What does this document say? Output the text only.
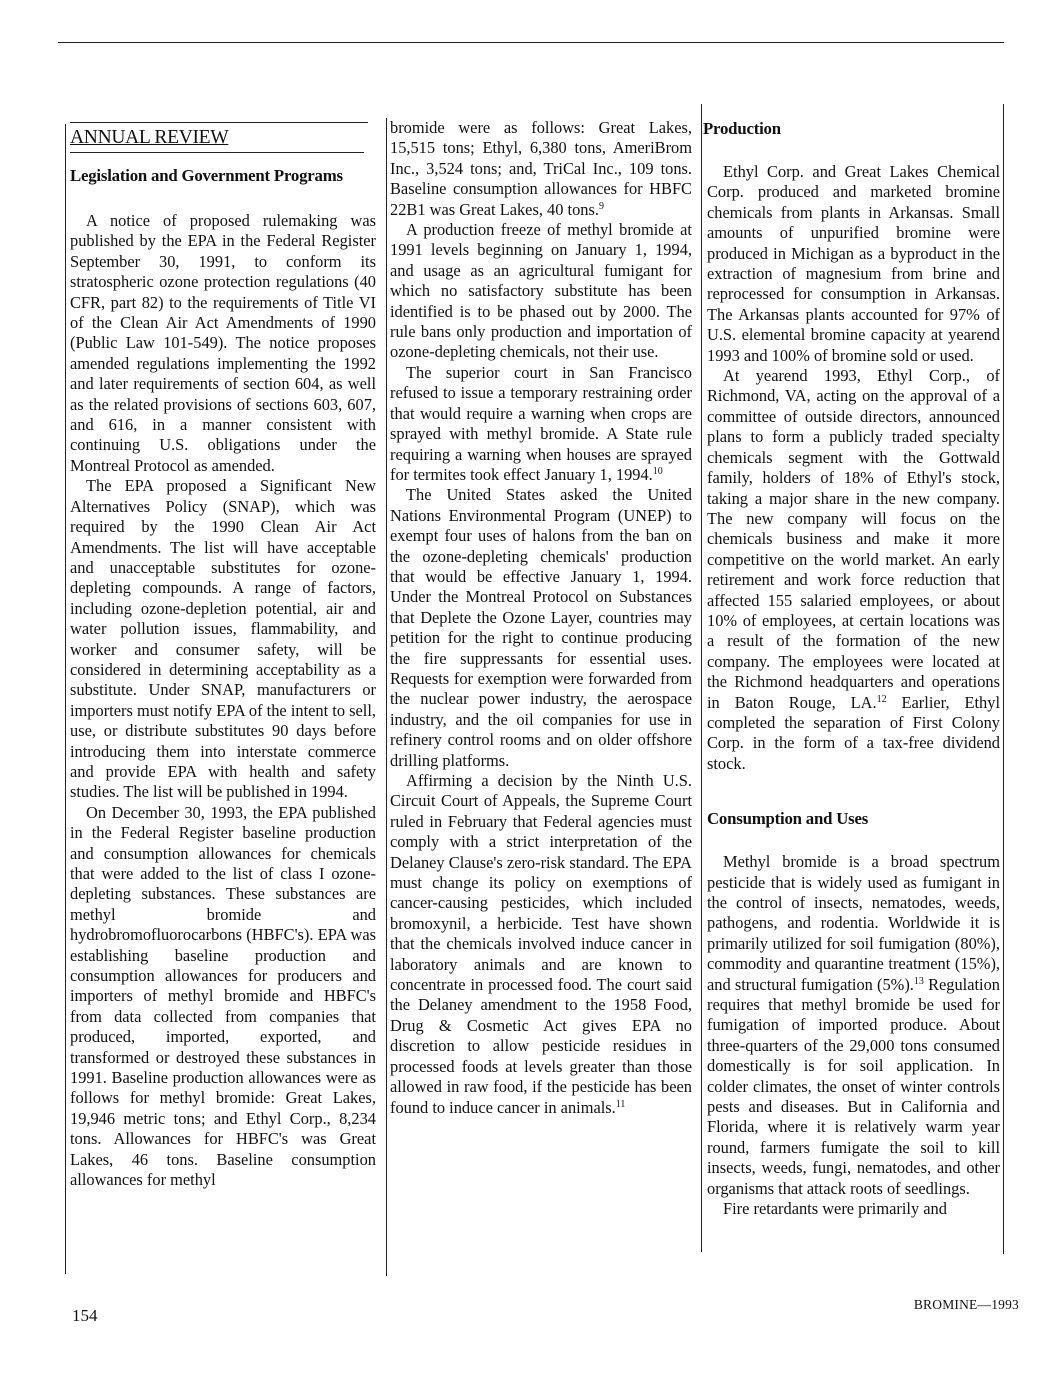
ANNUAL REVIEW
Legislation and Government Programs

A notice of proposed rulemaking was published by the EPA in the Federal Register September 30, 1991, to conform its stratospheric ozone protection regulations (40 CFR, part 82) to the requirements of Title VI of the Clean Air Act Amendments of 1990 (Public Law 101-549). The notice proposes amended regulations implementing the 1992 and later requirements of section 604, as well as the related provisions of sections 603, 607, and 616, in a manner consistent with continuing U.S. obligations under the Montreal Protocol as amended.

The EPA proposed a Significant New Alternatives Policy (SNAP), which was required by the 1990 Clean Air Act Amendments. The list will have acceptable and unacceptable substitutes for ozone-depleting compounds. A range of factors, including ozone-depletion potential, air and water pollution issues, flammability, and worker and consumer safety, will be considered in determining acceptability as a substitute. Under SNAP, manufacturers or importers must notify EPA of the intent to sell, use, or distribute substitutes 90 days before introducing them into interstate commerce and provide EPA with health and safety studies. The list will be published in 1994.

On December 30, 1993, the EPA published in the Federal Register baseline production and consumption allowances for chemicals that were added to the list of class I ozone-depleting substances. These substances are methyl bromide and hydrobromofluorocarbons (HBFC's). EPA was establishing baseline production and consumption allowances for producers and importers of methyl bromide and HBFC's from data collected from companies that produced, imported, exported, and transformed or destroyed these substances in 1991. Baseline production allowances were as follows for methyl bromide: Great Lakes, 19,946 metric tons; and Ethyl Corp., 8,234 tons. Allowances for HBFC's was Great Lakes, 46 tons. Baseline consumption allowances for methyl

bromide were as follows: Great Lakes, 15,515 tons; Ethyl, 6,380 tons, AmeriBrom Inc., 3,524 tons; and, TriCal Inc., 109 tons. Baseline consumption allowances for HBFC 22B1 was Great Lakes, 40 tons.$^9$

A production freeze of methyl bromide at 1991 levels beginning on January 1, 1994, and usage as an agricultural fumigant for which no satisfactory substitute has been identified is to be phased out by 2000. The rule bans only production and importation of ozone-depleting chemicals, not their use.

The superior court in San Francisco refused to issue a temporary restraining order that would require a warning when crops are sprayed with methyl bromide. A State rule requiring a warning when houses are sprayed for termites took effect January 1, 1994.10

The United States asked the United Nations Environmental Program (UNEP) to exempt four uses of halons from the ban on the ozone-depleting chemicals' production that would be effective January 1, 1994. Under the Montreal Protocol on Substances that Deplete the Ozone Layer, countries may petition for the right to continue producing the fire suppressants for essential uses. Requests for exemption were forwarded from the nuclear power industry, the aerospace industry, and the oil companies for use in refinery control rooms and on older offshore drilling platforms.

Affirming a decision by the Ninth U.S. Circuit Court of Appeals, the Supreme Court ruled in February that Federal agencies must comply with a strict interpretation of the Delaney Clause's zero-risk standard. The EPA must change its policy on exemptions of cancer-causing pesticides, which included bromoxynil, a herbicide. Test have shown that the chemicals involved induce cancer in laboratory animals and are known to concentrate in processed food. The court said the Delaney amendment to the 1958 Food, Drug & Cosmetic Act gives EPA no discretion to allow pesticide residues in processed foods at levels greater than those allowed in raw food, if the pesticide has been found to induce cancer in animals.$^{11}$

Production

Ethyl Corp. and Great Lakes Chemical Corp. produced and marketed bromine chemicals from plants in Arkansas. Small amounts of unpurified bromine were produced in Michigan as a byproduct in the extraction of magnesium from brine and reprocessed for consumption in Arkansas. The Arkansas plants accounted for 97% of U.S. elemental bromine capacity at yearend 1993 and 100% of bromine sold or used.

At yearend 1993, Ethyl Corp., of Richmond, VA, acting on the approval of a committee of outside directors, announced plans to form a publicly traded specialty chemicals segment with the Gottwald family, holders of 18% of Ethyl's stock, taking a major share in the new company. The new company will focus on the chemicals business and make it more competitive on the world market. An early retirement and work force reduction that affected 155 salaried employees, or about 10% of employees, at certain locations was a result of the formation of the new company. The employees were located at the Richmond headquarters and operations in Baton Rouge, LA.$^{12}$ Earlier, Ethyl completed the separation of First Colony Corp. in the form of a tax-free dividend stock.

Consumption and Uses

Methyl bromide is a broad spectrum pesticide that is widely used as fumigant in the control of insects, nematodes, weeds, pathogens, and rodentia. Worldwide it is primarily utilized for soil fumigation (80%), commodity and quarantine treatment (15%), and structural fumigation (5%).$^{13}$ Regulation requires that methyl bromide be used for fumigation of imported produce. About three-quarters of the 29,000 tons consumed domestically is for soil application. In colder climates, the onset of winter controls pests and diseases. But in California and Florida, where it is relatively warm year round, farmers fumigate the soil to kill insects, weeds, fungi, nematodes, and other organisms that attack roots of seedlings.

Fire retardants were primarily and

154
BROMINE—1993
